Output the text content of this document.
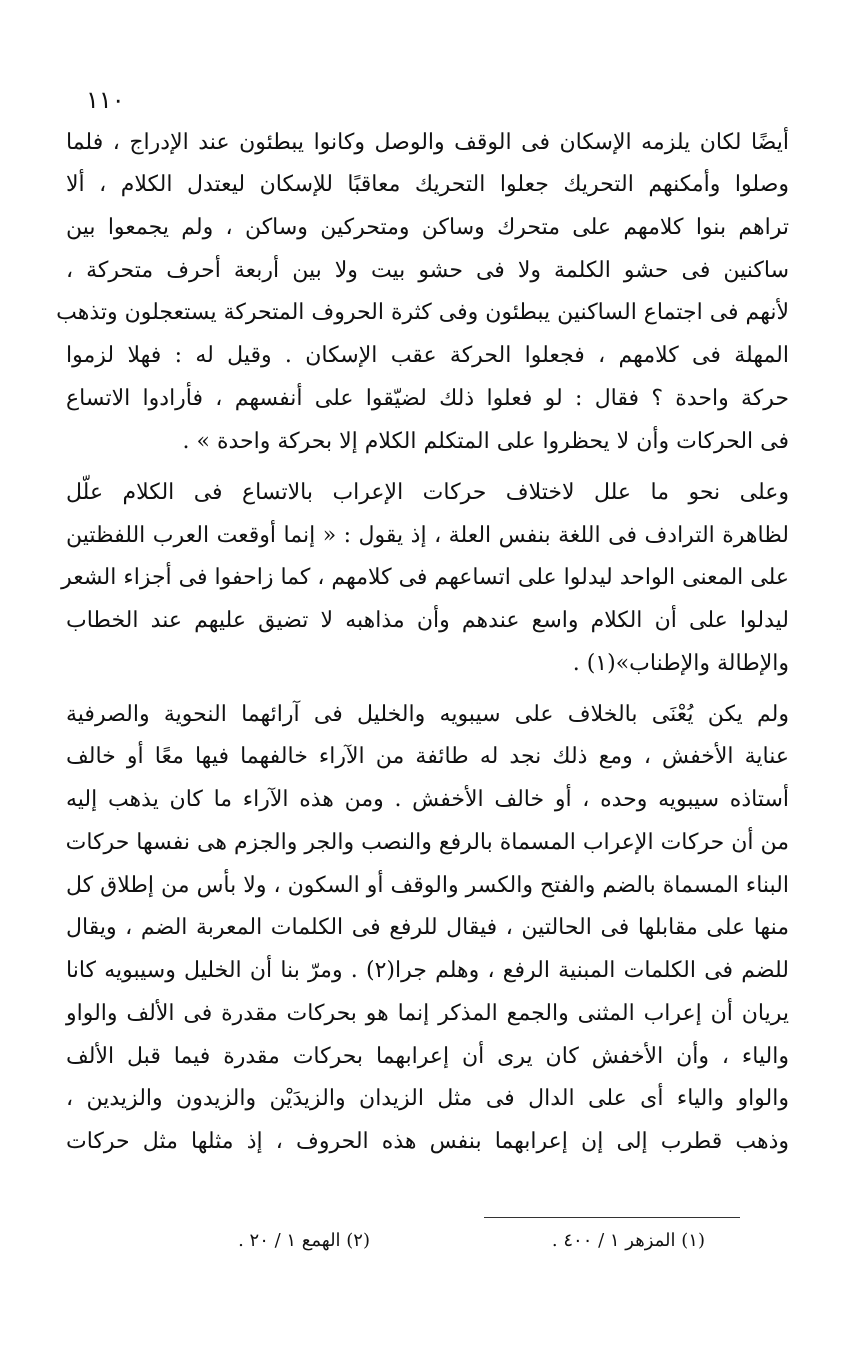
١١٠
أيضًا لكان يلزمه الإسكان فى الوقف والوصل وكانوا يبطئون عند الإدراج ، فلما
وصلوا وأمكنهم التحريك جعلوا التحريك معاقبًا للإسكان ليعتدل الكلام ، ألا
تراهم بنوا كلامهم على متحرك وساكن ومتحركين وساكن ، ولم يجمعوا بين
ساكنين فى حشو الكلمة ولا فى حشو بيت ولا بين أربعة أحرف متحركة ،
لأنهم فى اجتماع الساكنين يبطئون وفى كثرة الحروف المتحركة يستعجلون وتذهب
المهلة فى كلامهم ، فجعلوا الحركة عقب الإسكان . وقيل له : فهلا لزموا
حركة واحدة ؟ فقال : لو فعلوا ذلك لضيّقوا على أنفسهم ، فأرادوا الاتساع
فى الحركات وأن لا يحظروا على المتكلم الكلام إلا بحركة واحدة » .
وعلى نحو ما علل لاختلاف حركات الإعراب بالاتساع فى الكلام علّل
لظاهرة الترادف فى اللغة بنفس العلة ، إذ يقول : « إنما أوقعت العرب اللفظتين
على المعنى الواحد ليدلوا على اتساعهم فى كلامهم ، كما زاحفوا فى أجزاء الشعر
ليدلوا على أن الكلام واسع عندهم وأن مذاهبه لا تضيق عليهم عند الخطاب
والإطالة والإطناب»(١) .
ولم يكن يُعْنَى بالخلاف على سيبويه والخليل فى آرائهما النحوية والصرفية
عناية الأخفش ، ومع ذلك نجد له طائفة من الآراء خالفهما فيها معًا أو خالف
أستاذه سيبويه وحده ، أو خالف الأخفش . ومن هذه الآراء ما كان يذهب إليه
من أن حركات الإعراب المسماة بالرفع والنصب والجر والجزم هى نفسها حركات
البناء المسماة بالضم والفتح والكسر والوقف أو السكون ، ولا بأس من إطلاق كل
منها على مقابلها فى الحالتين ، فيقال للرفع فى الكلمات المعربة الضم ، ويقال
للضم فى الكلمات المبنية الرفع ، وهلم جرا(٢) . ومرّ بنا أن الخليل وسيبويه كانا
يريان أن إعراب المثنى والجمع المذكر إنما هو بحركات مقدرة فى الألف والواو
والياء ، وأن الأخفش كان يرى أن إعرابهما بحركات مقدرة فيما قبل الألف
والواو والياء أى على الدال فى مثل الزيدان والزيدَيْن والزيدون والزيدين ،
وذهب قطرب إلى إن إعرابهما بنفس هذه الحروف ، إذ مثلها مثل حركات
(١) المزهر ١ / ٤٠٠ .
(٢) الهمع ١ / ٢٠ .
